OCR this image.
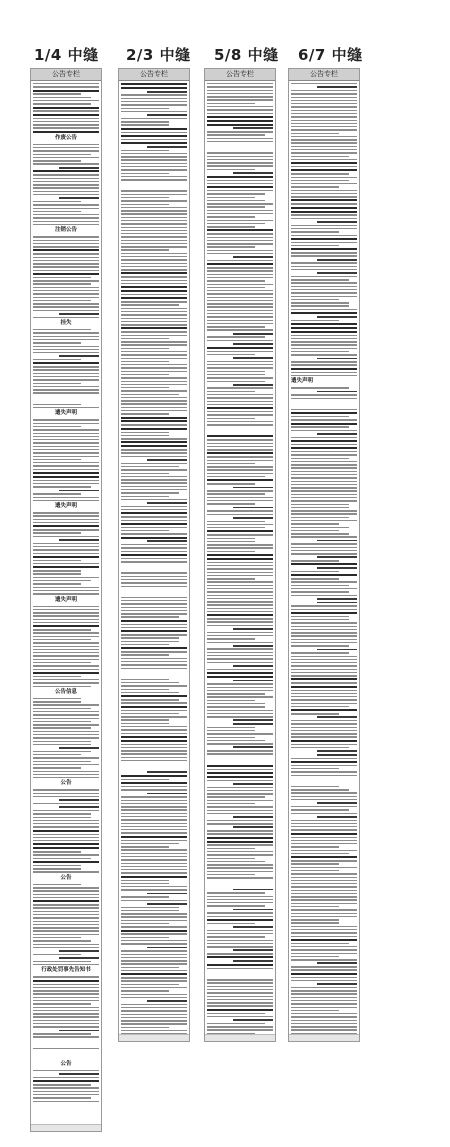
1/4 中缝 2/3 中缝 5/8 中缝 6/7 中缝
公告专栏
作废公告
注销公告
挂失
遗失声明
遗失声明
遗失声明
公告信息
公告
公告
行政处罚事先告知书
公告
公告专栏	公告专栏	公告专栏
遗失声明
